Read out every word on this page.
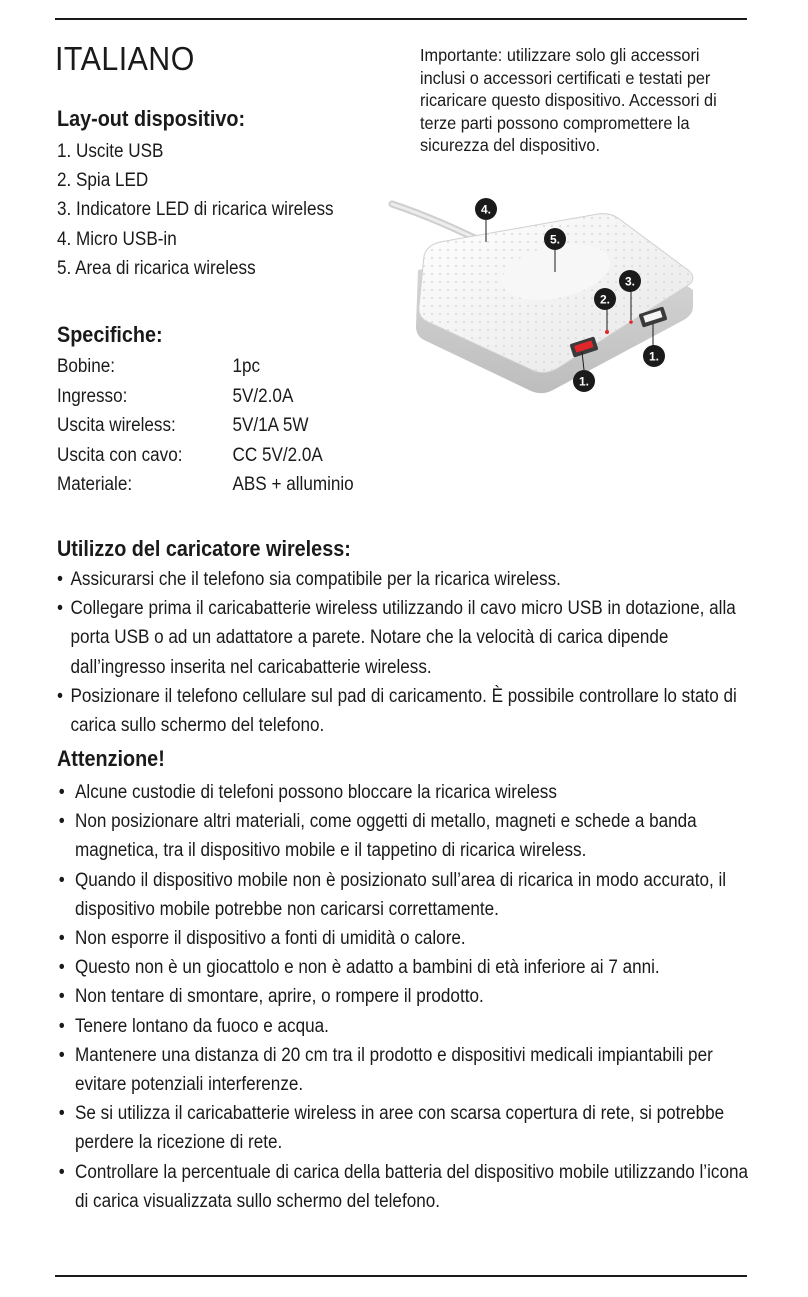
ITALIANO	Importante: utilizzare solo gli accessori inclusi o accessori certificati e testati per ricaricare questo dispositivo. Accessori di terze parti possono compromettere la sicurezza del dispositivo.
Lay-out dispositivo:
1. Uscite USB
2. Spia LED
3. Indicatore LED di ricarica wireless
4. Micro USB-in
5. Area di ricarica wireless
4.
5.
3.
2.
1.
1.
Specifiche:
Bobine:	1pc
Ingresso:	5V/2.0A
Uscita wireless:	5V/1A 5W
Uscita con cavo:	CC 5V/2.0A
Materiale:	ABS + alluminio
Utilizzo del caricatore wireless:
• Assicurarsi che il telefono sia compatibile per la ricarica wireless.
• Collegare prima il caricabatterie wireless utilizzando il cavo micro USB in dotazione, alla porta USB o ad un adattatore a parete. Notare che la velocità di carica dipende dall’ingresso inserita nel caricabatterie wireless.
• Posizionare il telefono cellulare sul pad di caricamento. È possibile controllare lo stato di carica sullo schermo del telefono.
Attenzione!
• Alcune custodie di telefoni possono bloccare la ricarica wireless
• Non posizionare altri materiali, come oggetti di metallo, magneti e schede a banda magnetica, tra il dispositivo mobile e il tappetino di ricarica wireless.
• Quando il dispositivo mobile non è posizionato sull’area di ricarica in modo accurato, il dispositivo mobile potrebbe non caricarsi correttamente.
• Non esporre il dispositivo a fonti di umidità o calore.
• Questo non è un giocattolo e non è adatto a bambini di età inferiore ai 7 anni.
• Non tentare di smontare, aprire, o rompere il prodotto.
• Tenere lontano da fuoco e acqua.
• Mantenere una distanza di 20 cm tra il prodotto e dispositivi medicali impiantabili per evitare potenziali interferenze.
• Se si utilizza il caricabatterie wireless in aree con scarsa copertura di rete, si potrebbe perdere la ricezione di rete.
• Controllare la percentuale di carica della batteria del dispositivo mobile utilizzando l’icona di carica visualizzata sullo schermo del telefono.
